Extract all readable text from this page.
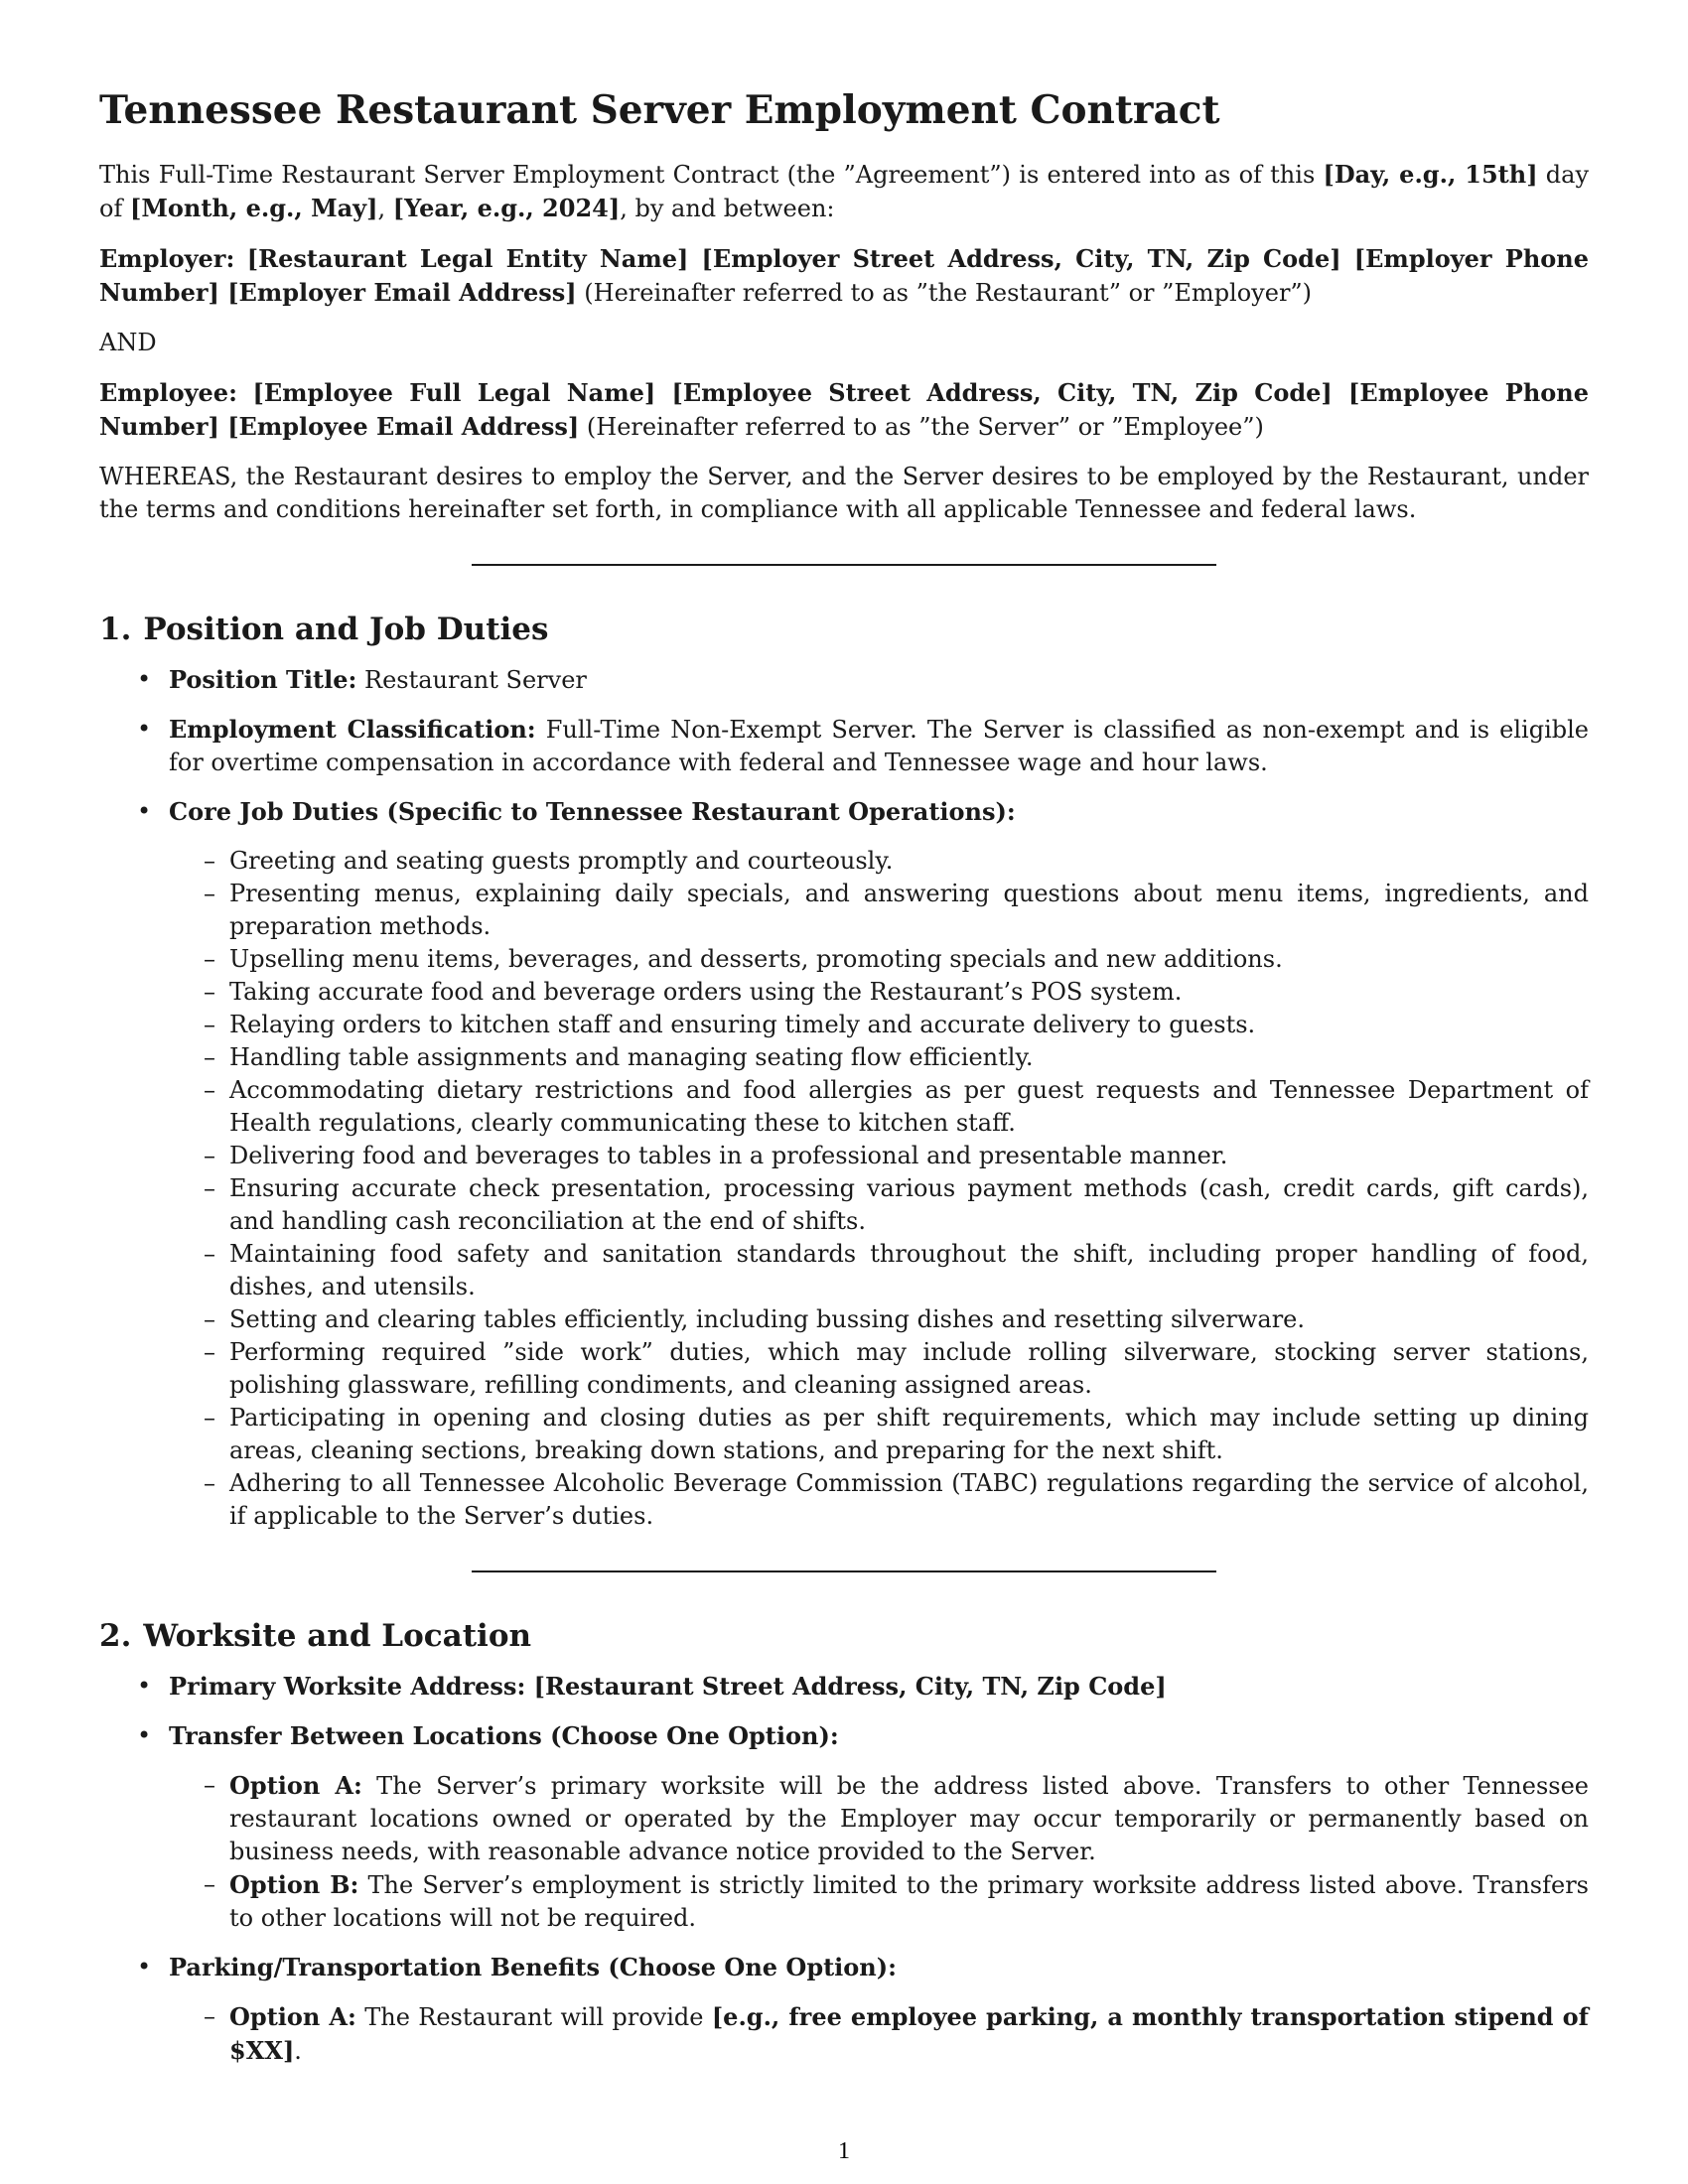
Tennessee Restaurant Server Employment Contract

This Full-Time Restaurant Server Employment Contract (the ”Agreement”) is entered into as of this [Day, e.g., 15th] day of [Month, e.g., May], [Year, e.g., 2024], by and between:

Employer: [Restaurant Legal Entity Name] [Employer Street Address, City, TN, Zip Code] [Employer Phone Number] [Employer Email Address] (Hereinafter referred to as ”the Restaurant” or ”Employer”)

AND

Employee: [Employee Full Legal Name] [Employee Street Address, City, TN, Zip Code] [Employee Phone Number] [Employee Email Address] (Hereinafter referred to as ”the Server” or ”Employee”)

WHEREAS, the Restaurant desires to employ the Server, and the Server desires to be employed by the Restaurant, under the terms and conditions hereinafter set forth, in compliance with all applicable Tennessee and federal laws.

1. Position and Job Duties
• Position Title: Restaurant Server
• Employment Classification: Full-Time Non-Exempt Server. The Server is classified as non-exempt and is eligible for overtime compensation in accordance with federal and Tennessee wage and hour laws.
• Core Job Duties (Specific to Tennessee Restaurant Operations):
– Greeting and seating guests promptly and courteously.
– Presenting menus, explaining daily specials, and answering questions about menu items, ingredients, and preparation methods.
– Upselling menu items, beverages, and desserts, promoting specials and new additions.
– Taking accurate food and beverage orders using the Restaurant’s POS system.
– Relaying orders to kitchen staff and ensuring timely and accurate delivery to guests.
– Handling table assignments and managing seating flow efficiently.
– Accommodating dietary restrictions and food allergies as per guest requests and Tennessee Department of Health regulations, clearly communicating these to kitchen staff.
– Delivering food and beverages to tables in a professional and presentable manner.
– Ensuring accurate check presentation, processing various payment methods (cash, credit cards, gift cards), and handling cash reconciliation at the end of shifts.
– Maintaining food safety and sanitation standards throughout the shift, including proper handling of food, dishes, and utensils.
– Setting and clearing tables efficiently, including bussing dishes and resetting silverware.
– Performing required ”side work” duties, which may include rolling silverware, stocking server stations, polishing glassware, refilling condiments, and cleaning assigned areas.
– Participating in opening and closing duties as per shift requirements, which may include setting up dining areas, cleaning sections, breaking down stations, and preparing for the next shift.
– Adhering to all Tennessee Alcoholic Beverage Commission (TABC) regulations regarding the service of alcohol, if applicable to the Server’s duties.
2. Worksite and Location
• Primary Worksite Address: [Restaurant Street Address, City, TN, Zip Code]
• Transfer Between Locations (Choose One Option):
– Option A: The Server’s primary worksite will be the address listed above. Transfers to other Tennessee restaurant locations owned or operated by the Employer may occur temporarily or permanently based on business needs, with reasonable advance notice provided to the Server.
– Option B: The Server’s employment is strictly limited to the primary worksite address listed above. Transfers to other locations will not be required.
• Parking/Transportation Benefits (Choose One Option):
– Option A: The Restaurant will provide [e.g., free employee parking, a monthly transportation stipend of $XX].
1
